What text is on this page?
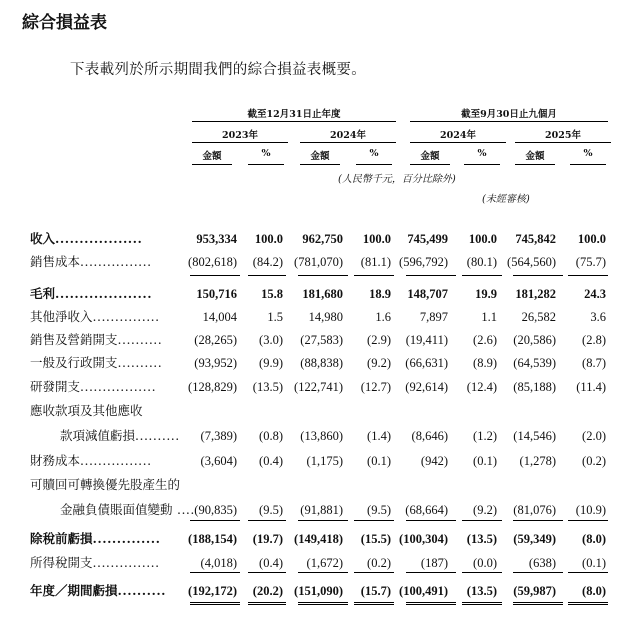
綜合損益表
下表載列於所示期間我們的綜合損益表概要。
截至12月31日止年度	截至9月30日止九個月
2023年	2024年	2024年	2025年
金額	%	金額	%	金額	%	金額	%
(人民幣千元，百分比除外)
(未經審核)
收入..................	953,334	100.0	962,750	100.0	745,499	100.0	745,842	100.0
銷售成本................	(802,618)	(84.2) (781,070)	(81.1) (596,792)	(80.1) (564,560)	(75.7)
毛利....................	150,716	15.8	181,680	18.9	148,707	19.9	181,282	24.3
其他淨收入...............	14,004	1.5	14,980	1.6	7,897	1.1	26,582	3.6
銷售及營銷開支..........	(28,265)	(3.0)	(27,583)	(2.9)	(19,411)	(2.6)	(20,586)	(2.8)
一般及行政開支..........	(93,952)	(9.9)	(88,838)	(9.2)	(66,631)	(8.9)	(64,539)	(8.7)
研發開支.................	(128,829)	(13.5) (122,741)	(12.7)	(92,614)	(12.4)	(85,188)	(11.4)
應收款項及其他應收
款項減值虧損..........	(7,389)	(0.8)	(13,860)	(1.4)	(8,646)	(1.2)	(14,546)	(2.0)
財務成本................	(3,604)	(0.4)	(1,175)	(0.1)	(942)	(0.1)	(1,278)	(0.2)
可贖回可轉換優先股產生的
金融負債賬面值變動 .... (90,835)	(9.5)	(91,881)	(9.5)	(68,664)	(9.2)	(81,076)	(10.9)
除稅前虧損..............	(188,154)	(19.7) (149,418)	(15.5) (100,304)	(13.5)	(59,349)	(8.0)
所得稅開支...............	(4,018)	(0.4)	(1,672)	(0.2)	(187)	(0.0)	(638)	(0.1)
年度／期間虧損..........	(192,172)	(20.2) (151,090)	(15.7) (100,491)	(13.5)	(59,987)	(8.0)
